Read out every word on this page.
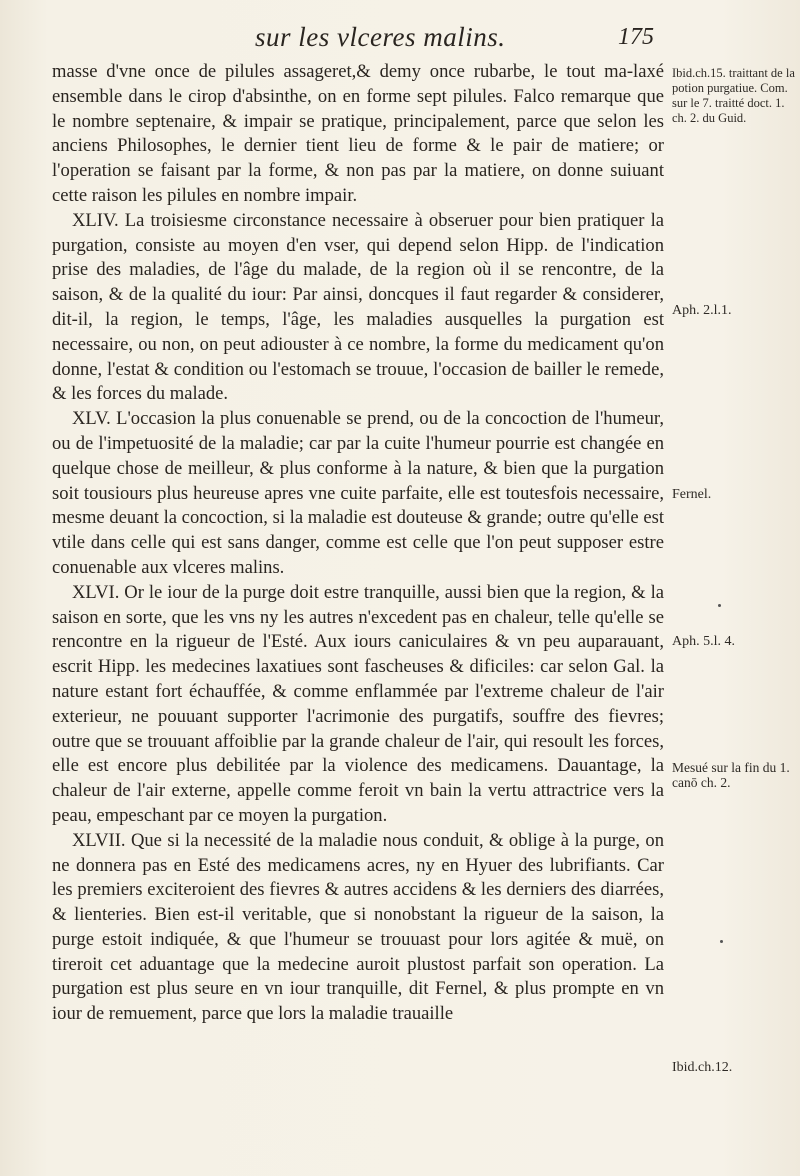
sur les vlceres malins.	175

masse d'vne once de pilules assageret,& demy once rubarbe, le tout ma-laxé ensemble dans le cirop d'absinthe, on en forme sept pilules. Falco remarque que le nombre septenaire, & impair se pratique, principalement, parce que selon les anciens Philosophes, le dernier tient lieu de forme & le pair de matiere; or l'operation se faisant par la forme, & non pas par la matiere, on donne suiuant cette raison les pilules en nombre impair.

XLIV. La troisiesme circonstance necessaire à obseruer pour bien pratiquer la purgation, consiste au moyen d'en vser, qui depend selon Hipp. de l'indication prise des maladies, de l'âge du malade, de la region où il se rencontre, de la saison, & de la qualité du iour: Par ainsi, doncques il faut regarder & considerer, dit-il, la region, le temps, l'âge, les maladies ausquelles la purgation est necessaire, ou non, on peut adiouster à ce nombre, la forme du medicament qu'on donne, l'estat & condition ou l'estomach se trouue, l'occasion de bailler le remede, & les forces du malade.

XLV. L'occasion la plus conuenable se prend, ou de la concoction de l'humeur, ou de l'impetuosité de la maladie; car par la cuite l'humeur pourrie est changée en quelque chose de meilleur, & plus conforme à la nature, & bien que la purgation soit tousiours plus heureuse apres vne cuite parfaite, elle est toutesfois necessaire, mesme deuant la concoction, si la maladie est douteuse & grande; outre qu'elle est vtile dans celle qui est sans danger, comme est celle que l'on peut supposer estre conuenable aux vlceres malins.

XLVI. Or le iour de la purge doit estre tranquille, aussi bien que la region, & la saison en sorte, que les vns ny les autres n'excedent pas en chaleur, telle qu'elle se rencontre en la rigueur de l'Esté. Aux iours caniculaires & vn peu auparauant, escrit Hipp. les medecines laxatiues sont fascheuses & dificiles: car selon Gal. la nature estant fort échauffée, & comme enflammée par l'extreme chaleur de l'air exterieur, ne pouuant supporter l'acrimonie des purgatifs, souffre des fievres; outre que se trouuant affoiblie par la grande chaleur de l'air, qui resoult les forces, elle est encore plus debilitée par la violence des medicamens. Dauantage, la chaleur de l'air externe, appelle comme feroit vn bain la vertu attractrice vers la peau, empeschant par ce moyen la purgation.

XLVII. Que si la necessité de la maladie nous conduit, & oblige à la purge, on ne donnera pas en Esté des medicamens acres, ny en Hyuer des lubrifiants. Car les premiers exciteroient des fievres & autres accidens & les derniers des diarrées, & lienteries. Bien est-il veritable, que si nonobstant la rigueur de la saison, la purge estoit indiquée, & que l'humeur se trouuast pour lors agitée & muë, on tireroit cet aduantage que la medecine auroit plustost parfait son operation. La purgation est plus seure en vn iour tranquille, dit Fernel, & plus prompte en vn iour de remuement, parce que lors la maladie trauaille

Ibid.ch.15. traittant de la potion purgatiue. Com. sur le 7. traitté doct. 1. ch. 2. du Guid.
Aph. 2.l.1.
Fernel.
Aph. 5.l. 4.
Mesué sur la fin du 1. canō ch. 2.
Ibid.ch.12.
